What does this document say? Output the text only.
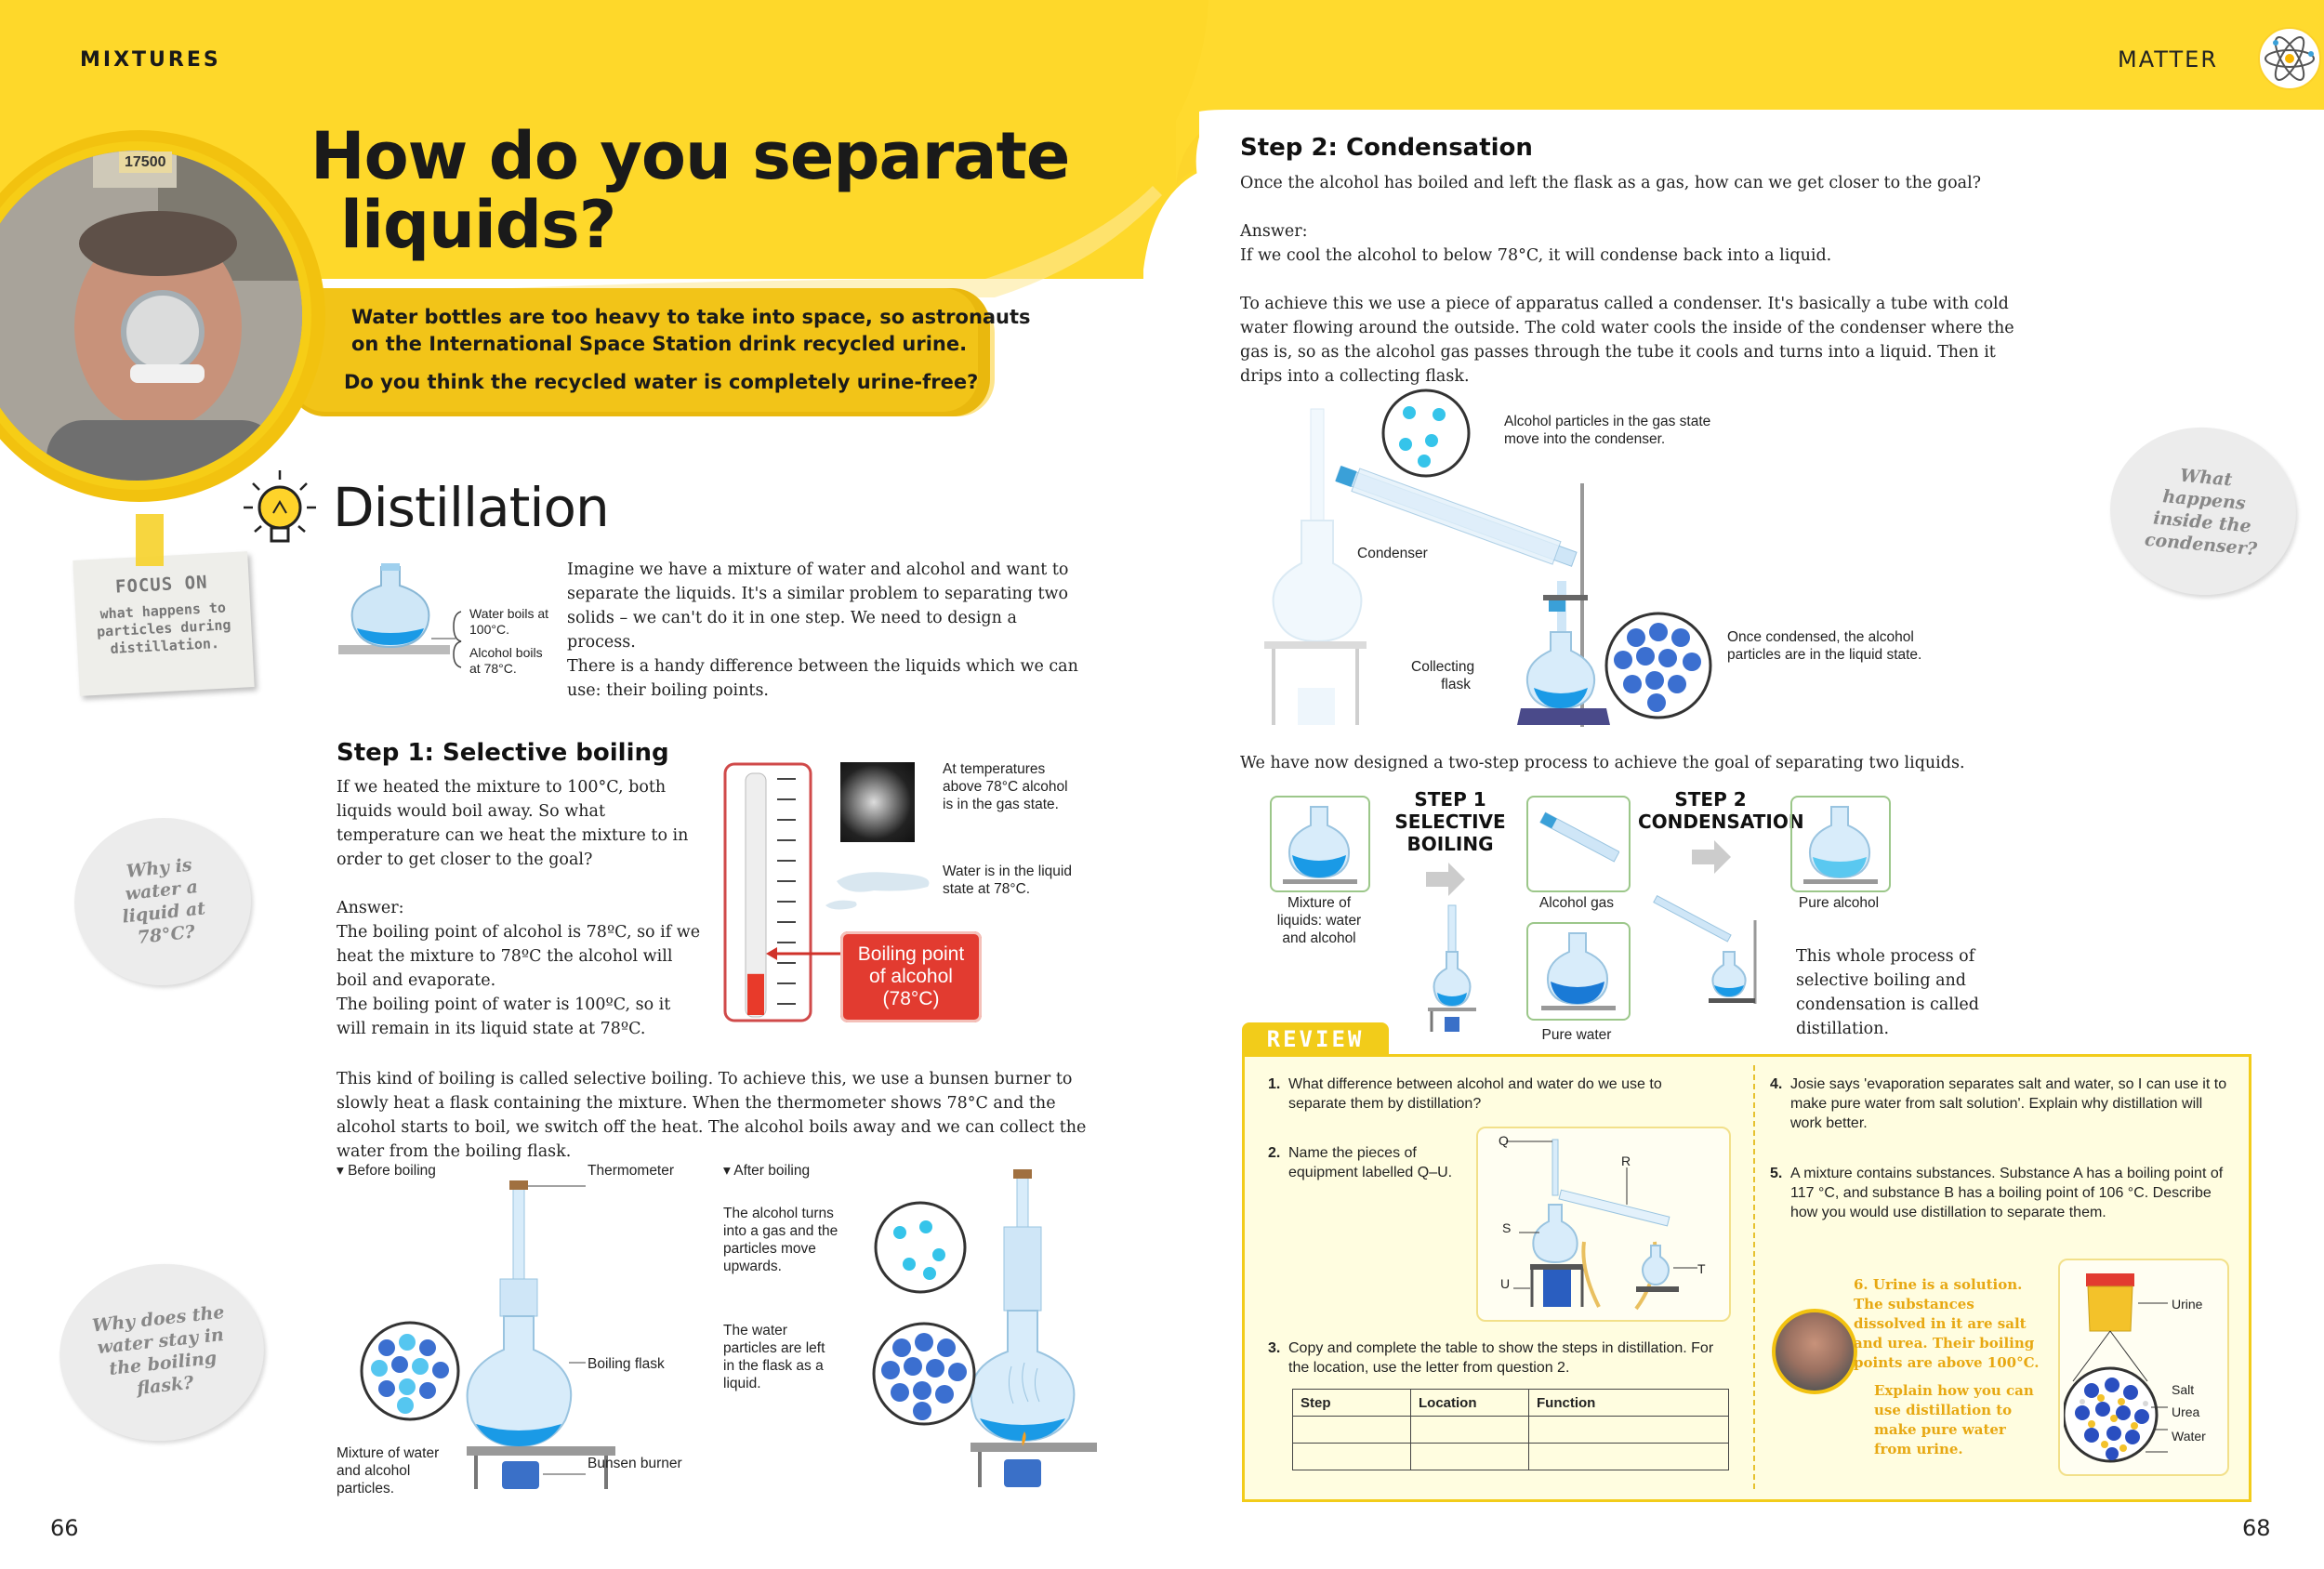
17500
MIXTURES	MATTER
How do you separate
liquids?
Water bottles are too heavy to take into space, so astronauts
on the International Space Station drink recycled urine.
Do you think the recycled water is completely urine-free?
Distillation
FOCUS ON
what happens to particles during distillation.
Water boils at 100°C.
Alcohol boils at 78°C.
Imagine we have a mixture of water and alcohol and want to separate the liquids. It's a similar problem to separating two solids – we can't do it in one step. We need to design a process.
There is a handy difference between the liquids which we can use: their boiling points.
Step 1: Selective boiling
If we heated the mixture to 100°C, both liquids would boil away. So what temperature can we heat the mixture to in order to get closer to the goal?
Answer:
The boiling point of alcohol is 78ºC, so if we heat the mixture to 78ºC the alcohol will boil and evaporate.
The boiling point of water is 100ºC, so it will remain in its liquid state at 78ºC.
Boiling point of alcohol (78°C)
At temperatures above 78°C alcohol is in the gas state.
Water is in the liquid state at 78°C.
This kind of boiling is called selective boiling. To achieve this, we use a bunsen burner to slowly heat a flask containing the mixture. When the thermometer shows 78°C and the alcohol starts to boil, we switch off the heat. The alcohol boils away and we can collect the water from the boiling flask.
▾ Before boiling	▾ After boiling
Thermometer
Boiling flask
Bunsen burner
Mixture of water and alcohol particles.
The alcohol turns into a gas and the particles move upwards.
The water particles are left in the flask as a liquid.
Why is water a liquid at 78°C?
Why does the water stay in the boiling flask?
What happens inside the condenser?
66
Step 2: Condensation
Once the alcohol has boiled and left the flask as a gas, how can we get closer to the goal?
Answer:
If we cool the alcohol to below 78°C, it will condense back into a liquid.
To achieve this we use a piece of apparatus called a condenser. It's basically a tube with cold water flowing around the outside. The cold water cools the inside of the condenser where the gas is, so as the alcohol gas passes through the tube it cools and turns into a liquid. Then it drips into a collecting flask.
Alcohol particles in the gas state move into the condenser.
Condenser
Collecting flask
Once condensed, the alcohol particles are in the liquid state.
We have now designed a two-step process to achieve the goal of separating two liquids.
Mixture of liquids: water and alcohol
STEP 1 SELECTIVE BOILING
Alcohol gas
STEP 2 CONDENSATION
Pure alcohol
Pure water
This whole process of selective boiling and condensation is called distillation.
REVIEW
1. What difference between alcohol and water do we use to separate them by distillation?
2. Name the pieces of equipment labelled Q–U.
Q
R
S
T
U
3. Copy and complete the table to show the steps in distillation. For the location, use the letter from question 2.
Step	Location	Function

4. Josie says 'evaporation separates salt and water, so I can use it to make pure water from salt solution'. Explain why distillation will work better.
5. A mixture contains substances. Substance A has a boiling point of 117 °C, and substance B has a boiling point of 106 °C. Describe how you would use distillation to separate them.
6. Urine is a solution. The substances dissolved in it are salt and urea. Their boiling points are above 100°C.
Explain how you can use distillation to make pure water from urine.
Urine
Salt
Urea
Water
68
